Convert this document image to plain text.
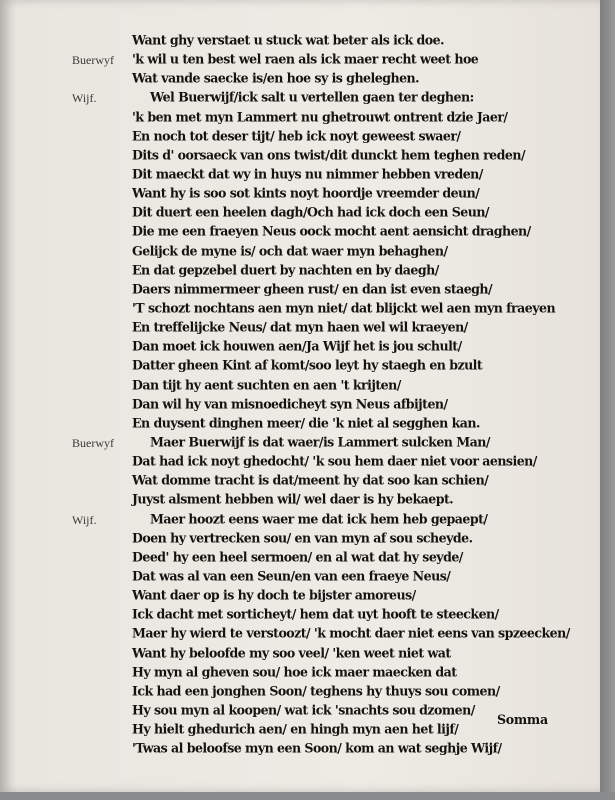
Want ghy verstaet u stuck wat beter als ick doe.
Buerwyf 'k wil u ten best wel raen als ick maer recht weet hoe
Wat vande saecke is/en hoe sy is gheleghen.
Wijf.	Wel Buerwijf/ick salt u vertellen gaen ter deghen:
'k ben met myn Lammert nu ghetrouwt ontrent dzie Jaer/
En noch tot deser tijt/ heb ick noyt geweest swaer/
Dits d' oorsaeck van ons twist/dit dunckt hem teghen reden/
Dit maeckt dat wy in huys nu nimmer hebben vreden/
Want hy is soo sot kints noyt hoordje vreemder deun/
Dit duert een heelen dagh/Och had ick doch een Seun/
Die me een fraeyen Neus oock mocht aent aensicht draghen/
Gelijck de myne is/ och dat waer myn behaghen/
En dat gepzebel duert by nachten en by daegh/
Daers nimmermeer gheen rust/ en dan ist even staegh/
'T schozt nochtans aen myn niet/ dat blijckt wel aen myn fraeyen
En treffelijcke Neus/ dat myn haen wel wil kraeyen/
Dan moet ick houwen aen/Ja Wijf het is jou schult/
Datter gheen Kint af komt/soo leyt hy staegh en bzult
Dan tijt hy aent suchten en aen 't krijten/
Dan wil hy van misnoedicheyt syn Neus afbijten/
En duysent dinghen meer/ die 'k niet al segghen kan.
Buerwyf	Maer Buerwijf is dat waer/is Lammert sulcken Man/
Dat had ick noyt ghedocht/ 'k sou hem daer niet voor aensien/
Wat domme tracht is dat/meent hy dat soo kan schien/
Juyst alsment hebben wil/ wel daer is hy bekaept.
Wijf.	Maer hoozt eens waer me dat ick hem heb gepaept/
Doen hy vertrecken sou/ en van myn af sou scheyde.
Deed' hy een heel sermoen/ en al wat dat hy seyde/
Dat was al van een Seun/en van een fraeye Neus/
Want daer op is hy doch te bijster amoreus/
Ick dacht met sorticheyt/ hem dat uyt hooft te steecken/
Maer hy wierd te verstoozt/ 'k mocht daer niet eens van spzeecken/
Want hy beloofde my soo veel/ 'ken weet niet wat
Hy myn al gheven sou/ hoe ick maer maecken dat
Ick had een jonghen Soon/ teghens hy thuys sou comen/
Hy sou myn al koopen/ wat ick 'snachts sou dzomen/
Hy hielt ghedurich aen/ en hingh myn aen het lijf/
'Twas al beloofse myn een Soon/ kom an wat seghje Wijf/
Somma
